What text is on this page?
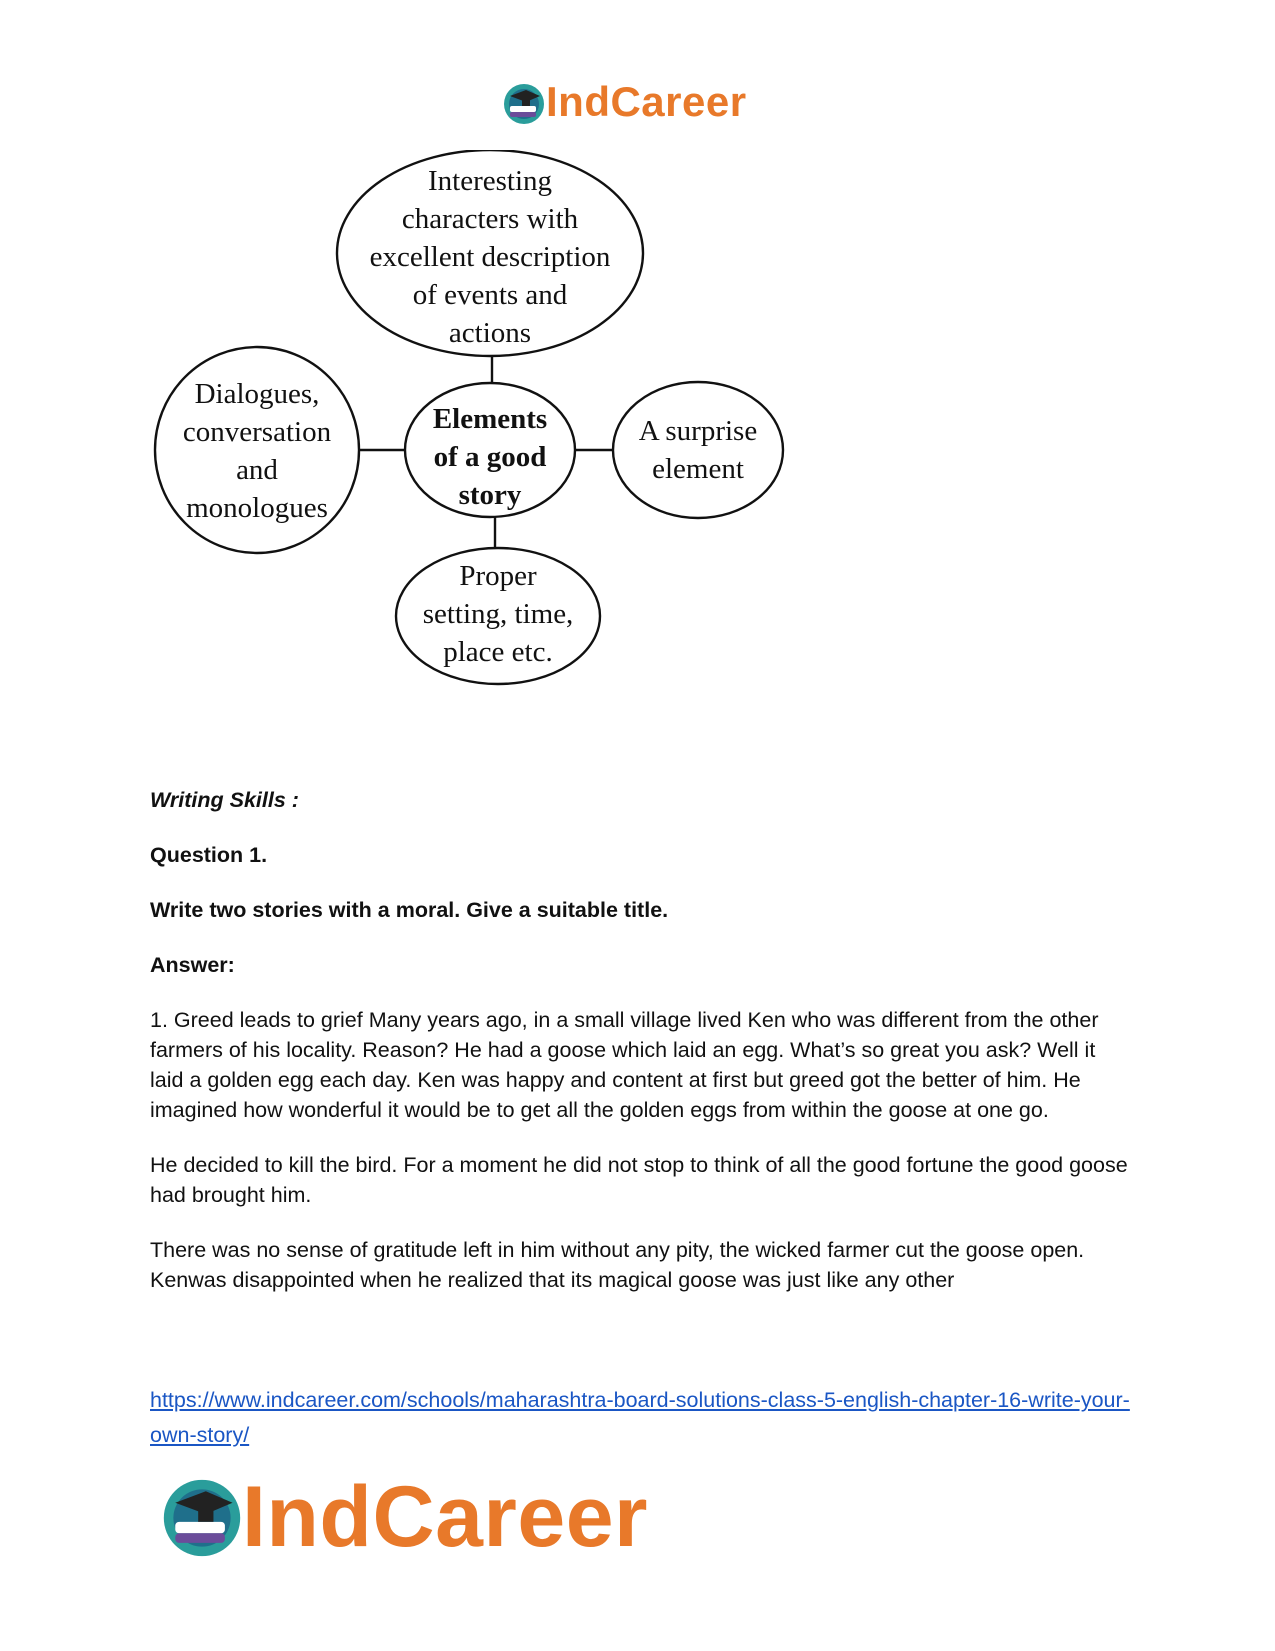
IndCareer
Interesting
characters with
excellent description
of events and
actions
Dialogues,
conversation
and
monologues
Elements
of a good
story
A surprise
element
Proper
setting, time,
place etc.

Writing Skills :

Question 1.

Write two stories with a moral. Give a suitable title.

Answer:

1. Greed leads to grief Many years ago, in a small village lived Ken who was different from the other farmers of his locality. Reason? He had a goose which laid an egg. What’s so great you ask? Well it laid a golden egg each day. Ken was happy and content at first but greed got the better of him. He imagined how wonderful it would be to get all the golden eggs from within the goose at one go.

He decided to kill the bird. For a moment he did not stop to think of all the good fortune the good goose had brought him.

There was no sense of gratitude left in him without any pity, the wicked farmer cut the goose open. Kenwas disappointed when he realized that its magical goose was just like any other

https://www.indcareer.com/schools/maharashtra-board-solutions-class-5-english-chapter-16-write-your-own-story/
IndCareer
